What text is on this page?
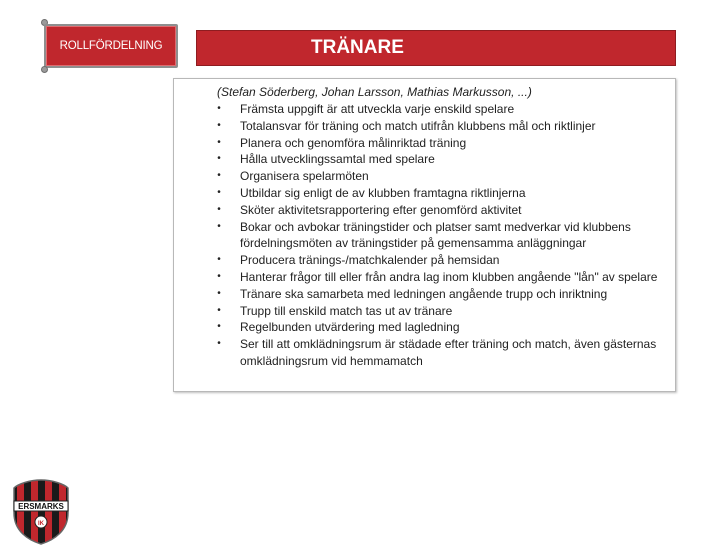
ROLLFÖRDELNING	TRÄNARE
(Stefan Söderberg, Johan Larsson, Mathias Markusson, ...)
• Främsta uppgift är att utveckla varje enskild spelare
• Totalansvar för träning och match utifrån klubbens mål och riktlinjer
• Planera och genomföra målinriktad träning
• Hålla utvecklingssamtal med spelare
• Organisera spelarmöten
• Utbildar sig enligt de av klubben framtagna riktlinjerna
• Sköter aktivitetsrapportering efter genomförd aktivitet
• Bokar och avbokar träningstider och platser samt medverkar vid klubbens fördelningsmöten av träningstider på gemensamma anläggningar
• Producera tränings-/matchkalender på hemsidan
• Hanterar frågor till eller från andra lag inom klubben angående "lån" av spelare
• Tränare ska samarbeta med ledningen angående trupp och inriktning
• Trupp till enskild match tas ut av tränare
• Regelbunden utvärdering med lagledning
• Ser till att omklädningsrum är städade efter träning och match, även gästernas omklädningsrum vid hemmamatch
ERSMARKS
IK
